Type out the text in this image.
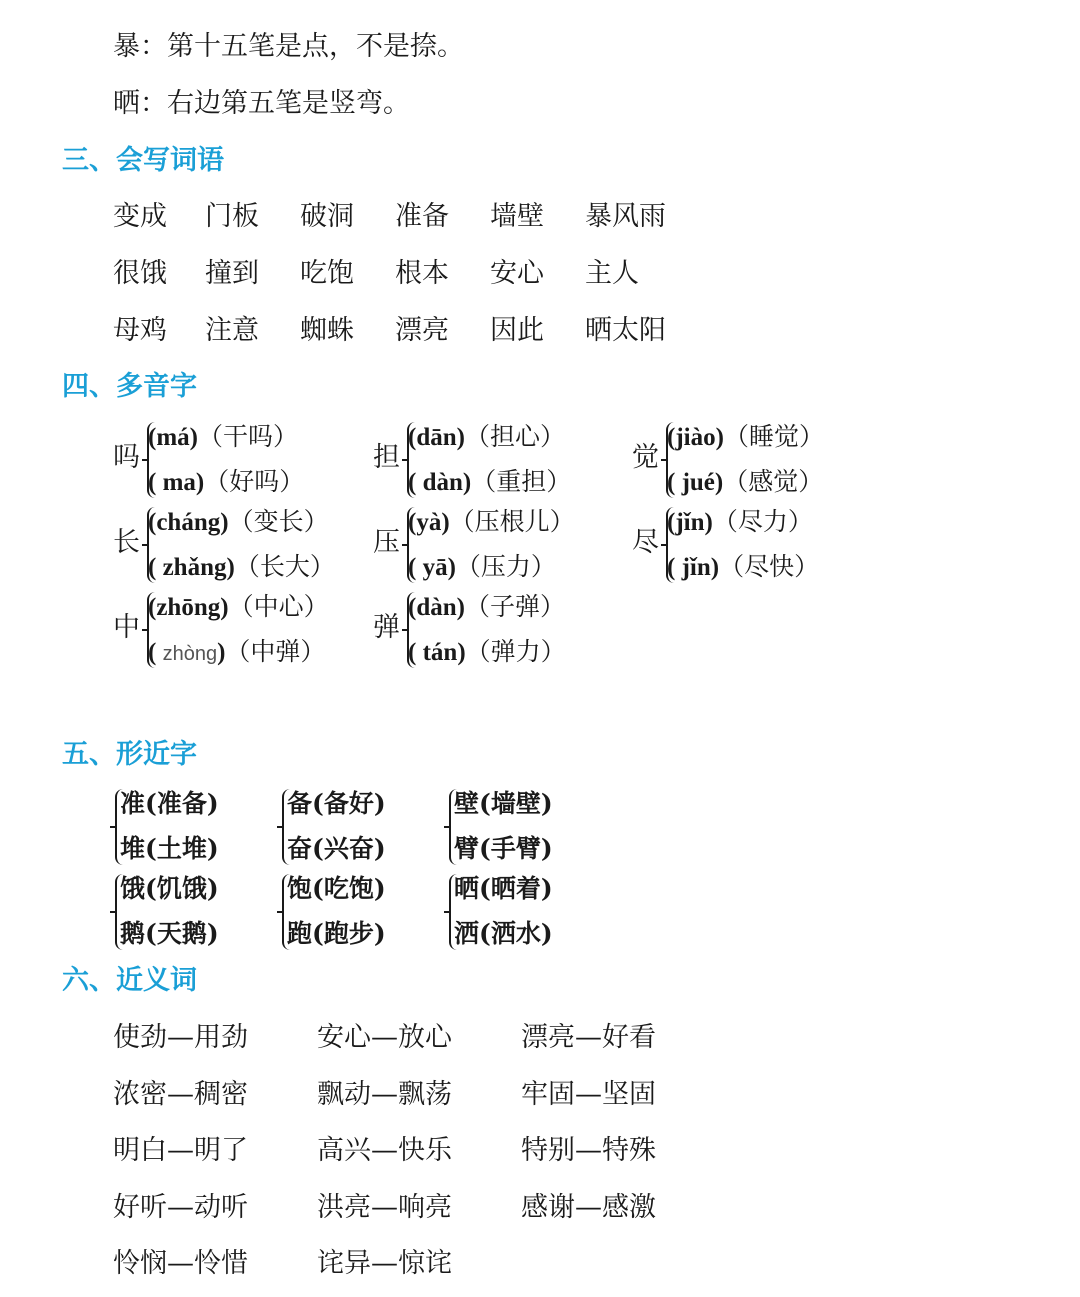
暴：第十五笔是点，不是捺。
晒：右边第五笔是竖弯。
三、会写词语
变成 门板 破洞 准备 墙壁 暴风雨
很饿 撞到 吃饱 根本 安心 主人
母鸡 注意 蜘蛛 漂亮 因此 晒太阳
四、多音字
吗
(má)（干吗）
( ma)（好吗）
担
(dān)（担心）
( dàn)（重担）
觉
(jiào)（睡觉）
( jué)（感觉）
长
(cháng)（变长）
( zhǎng)（长大）
压
(yà)（压根儿）
( yā)（压力）
尽
(jǐn)（尽力）
( jǐn)（尽快）
中
(zhōng)（中心）
( zhòng)（中弹）
弹
(dàn)（子弹）
( tán)（弹力）
五、形近字
准(准备)
堆(土堆)
备(备好)
奋(兴奋)
壁(墙壁)
臂(手臂)
饿(饥饿)
鹅(天鹅)
饱(吃饱)
跑(跑步)
晒(晒着)
洒(洒水)
六、近义词
使劲—用劲	安心—放心	漂亮—好看
浓密—稠密	飘动—飘荡	牢固—坚固
明白—明了	高兴—快乐	特别—特殊
好听—动听	洪亮—响亮	感谢—感激
怜悯—怜惜	诧异—惊诧
